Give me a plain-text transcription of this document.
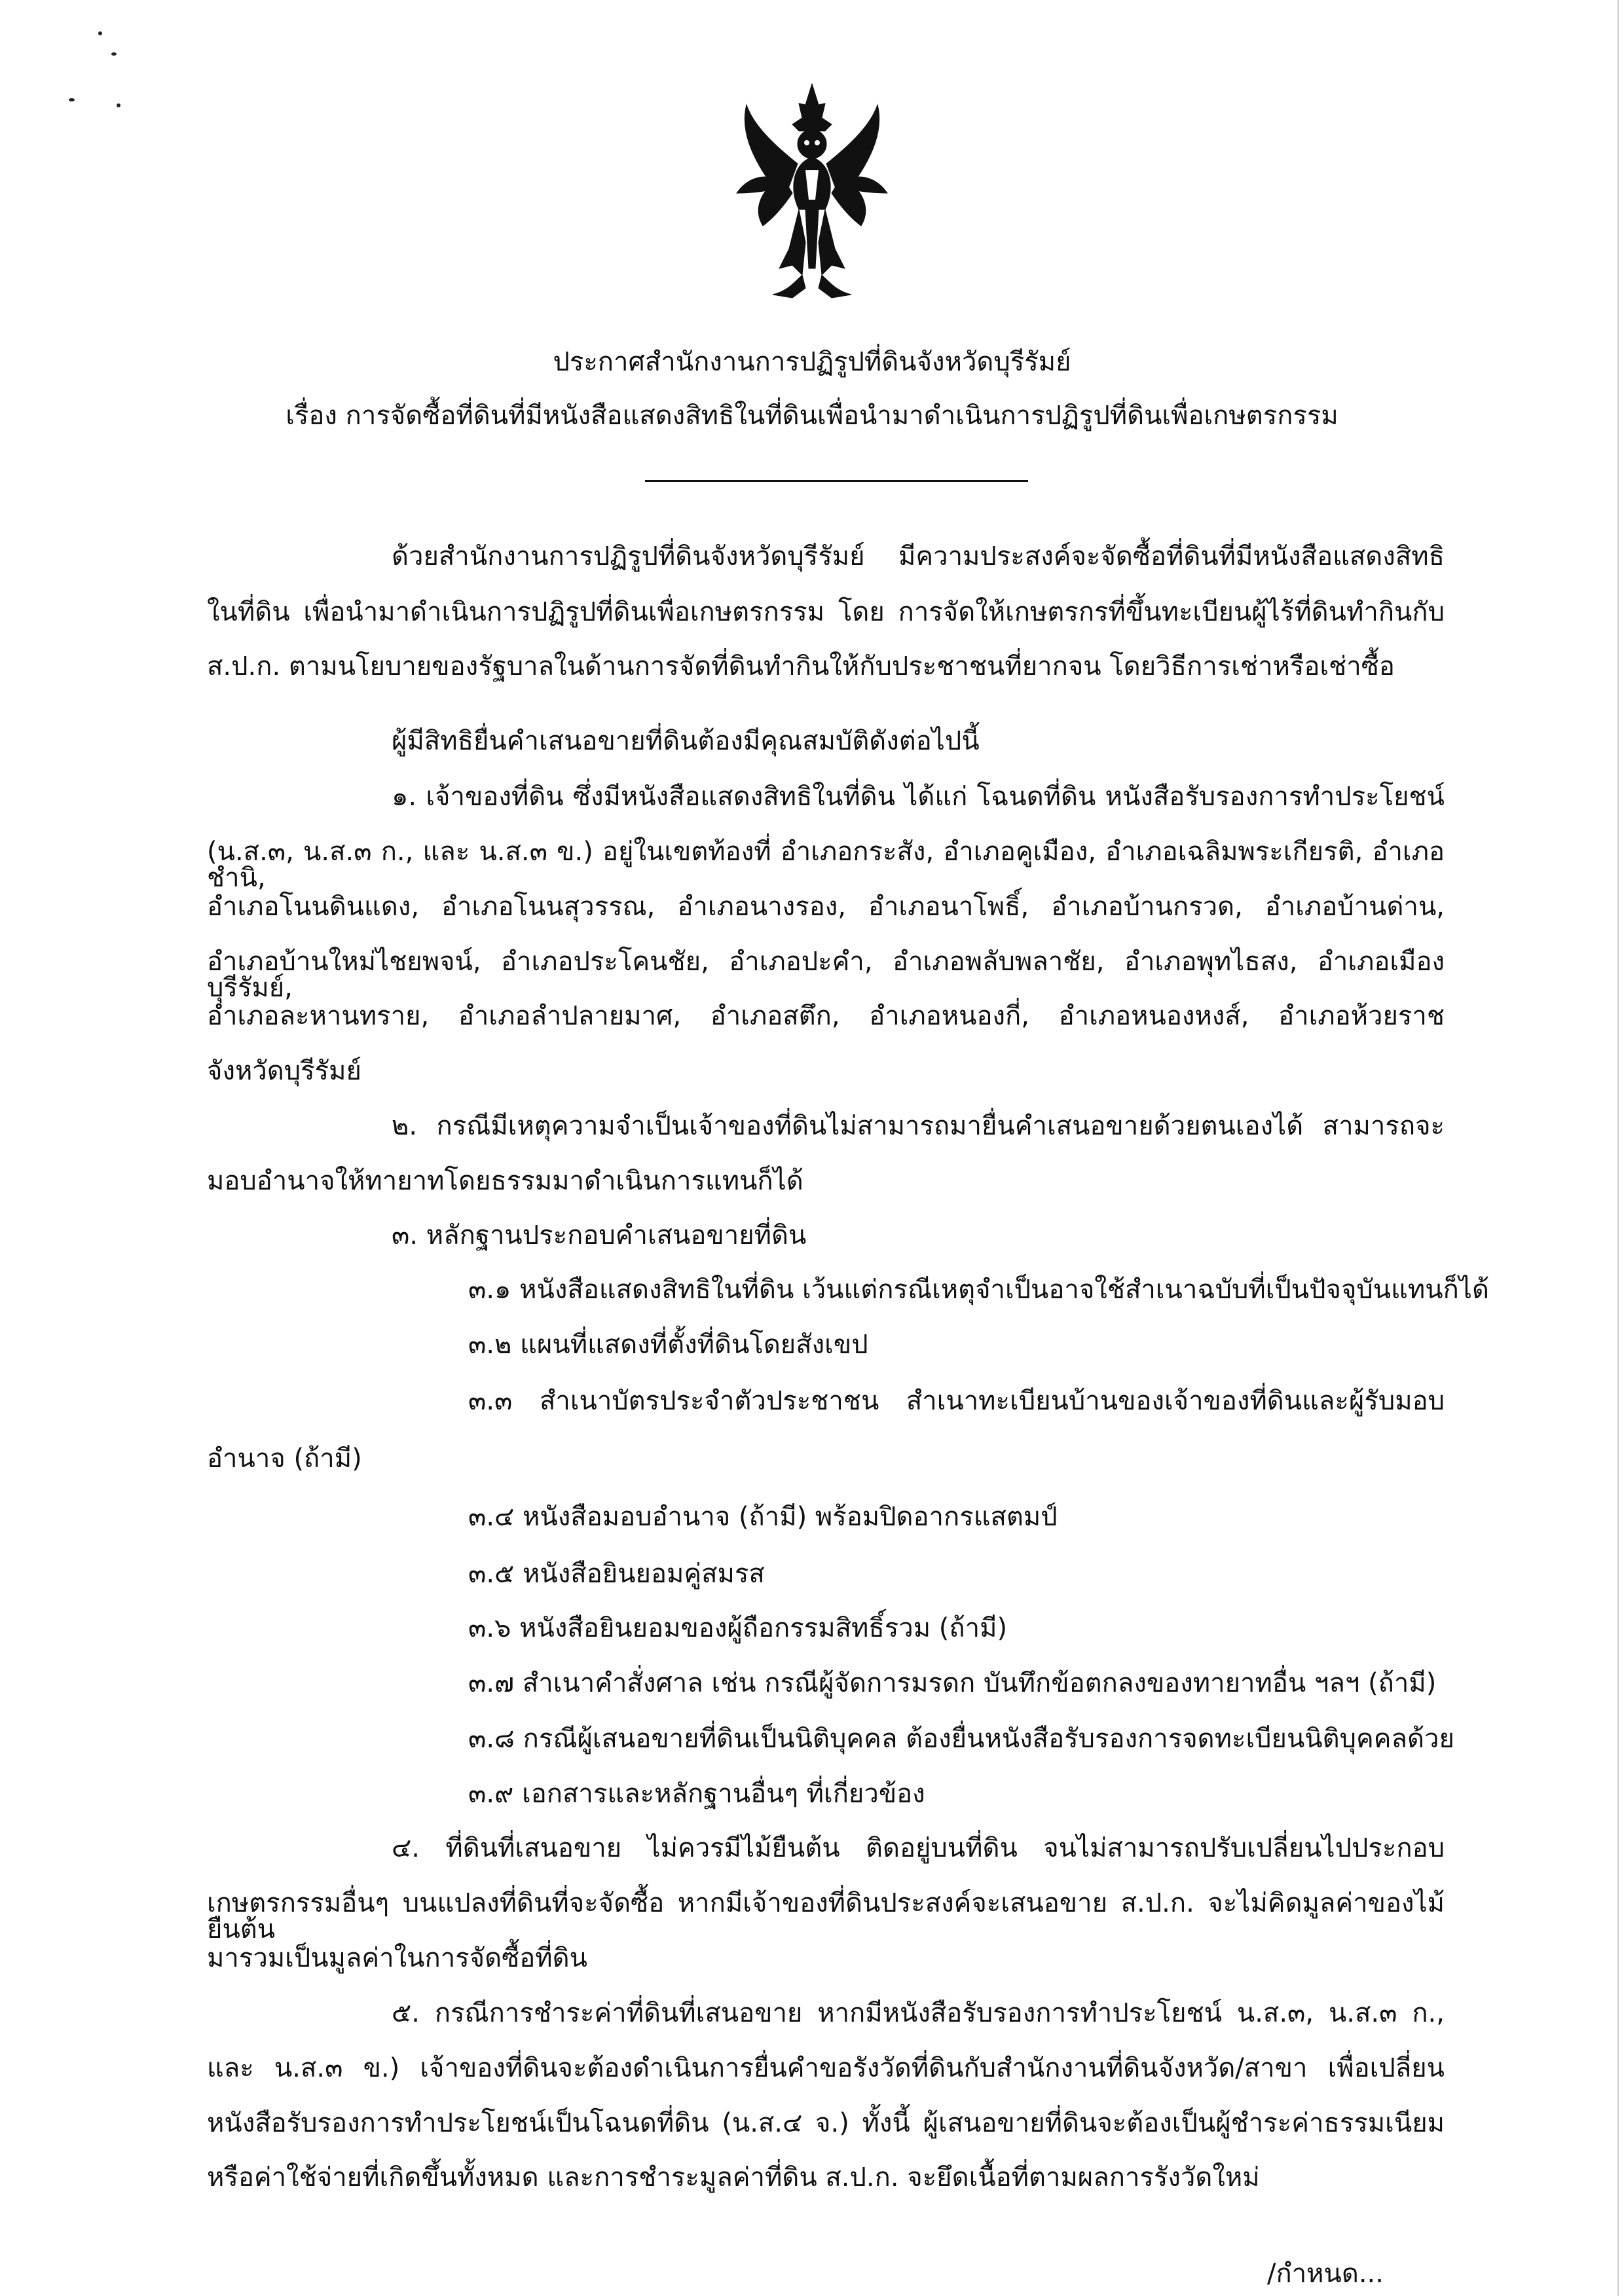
ประกาศสำนักงานการปฏิรูปที่ดินจังหวัดบุรีรัมย์
เรื่อง การจัดซื้อที่ดินที่มีหนังสือแสดงสิทธิในที่ดินเพื่อนำมาดำเนินการปฏิรูปที่ดินเพื่อเกษตรกรรม
ด้วยสำนักงานการปฏิรูปที่ดินจังหวัดบุรีรัมย์ มีความประสงค์จะจัดซื้อที่ดินที่มีหนังสือแสดงสิทธิ
ในที่ดิน เพื่อนำมาดำเนินการปฏิรูปที่ดินเพื่อเกษตรกรรม โดย การจัดให้เกษตรกรที่ขึ้นทะเบียนผู้ไร้ที่ดินทำกินกับ
ส.ป.ก. ตามนโยบายของรัฐบาลในด้านการจัดที่ดินทำกินให้กับประชาชนที่ยากจน โดยวิธีการเช่าหรือเช่าซื้อ
ผู้มีสิทธิยื่นคำเสนอขายที่ดินต้องมีคุณสมบัติดังต่อไปนี้
๑. เจ้าของที่ดิน ซึ่งมีหนังสือแสดงสิทธิในที่ดิน ได้แก่ โฉนดที่ดิน หนังสือรับรองการทำประโยชน์
(น.ส.๓, น.ส.๓ ก., และ น.ส.๓ ข.) อยู่ในเขตท้องที่ อำเภอกระสัง, อำเภอคูเมือง, อำเภอเฉลิมพระเกียรติ, อำเภอชำนิ,
อำเภอโนนดินแดง, อำเภอโนนสุวรรณ, อำเภอนางรอง, อำเภอนาโพธิ์, อำเภอบ้านกรวด, อำเภอบ้านด่าน,
อำเภอบ้านใหม่ไชยพจน์, อำเภอประโคนชัย, อำเภอปะคำ, อำเภอพลับพลาชัย, อำเภอพุทไธสง, อำเภอเมืองบุรีรัมย์,
อำเภอละหานทราย, อำเภอลำปลายมาศ, อำเภอสตึก, อำเภอหนองกี่, อำเภอหนองหงส์, อำเภอห้วยราช
จังหวัดบุรีรัมย์
๒. กรณีมีเหตุความจำเป็นเจ้าของที่ดินไม่สามารถมายื่นคำเสนอขายด้วยตนเองได้ สามารถจะ
มอบอำนาจให้ทายาทโดยธรรมมาดำเนินการแทนก็ได้
๓. หลักฐานประกอบคำเสนอขายที่ดิน
๓.๑ หนังสือแสดงสิทธิในที่ดิน เว้นแต่กรณีเหตุจำเป็นอาจใช้สำเนาฉบับที่เป็นปัจจุบันแทนก็ได้
๓.๒ แผนที่แสดงที่ตั้งที่ดินโดยสังเขป
๓.๓ สำเนาบัตรประจำตัวประชาชน สำเนาทะเบียนบ้านของเจ้าของที่ดินและผู้รับมอบ
อำนาจ (ถ้ามี)
๓.๔ หนังสือมอบอำนาจ (ถ้ามี) พร้อมปิดอากรแสตมป์
๓.๕ หนังสือยินยอมคู่สมรส
๓.๖ หนังสือยินยอมของผู้ถือกรรมสิทธิ์รวม (ถ้ามี)
๓.๗ สำเนาคำสั่งศาล เช่น กรณีผู้จัดการมรดก บันทึกข้อตกลงของทายาทอื่น ฯลฯ (ถ้ามี)
๓.๘ กรณีผู้เสนอขายที่ดินเป็นนิติบุคคล ต้องยื่นหนังสือรับรองการจดทะเบียนนิติบุคคลด้วย
๓.๙ เอกสารและหลักฐานอื่นๆ ที่เกี่ยวข้อง
๔. ที่ดินที่เสนอขาย ไม่ควรมีไม้ยืนต้น ติดอยู่บนที่ดิน จนไม่สามารถปรับเปลี่ยนไปประกอบ
เกษตรกรรมอื่นๆ บนแปลงที่ดินที่จะจัดซื้อ หากมีเจ้าของที่ดินประสงค์จะเสนอขาย ส.ป.ก. จะไม่คิดมูลค่าของไม้ยืนต้น
มารวมเป็นมูลค่าในการจัดซื้อที่ดิน
๕. กรณีการชำระค่าที่ดินที่เสนอขาย หากมีหนังสือรับรองการทำประโยชน์ น.ส.๓, น.ส.๓ ก.,
และ น.ส.๓ ข.) เจ้าของที่ดินจะต้องดำเนินการยื่นคำขอรังวัดที่ดินกับสำนักงานที่ดินจังหวัด/สาขา เพื่อเปลี่ยน
หนังสือรับรองการทำประโยชน์เป็นโฉนดที่ดิน (น.ส.๔ จ.) ทั้งนี้ ผู้เสนอขายที่ดินจะต้องเป็นผู้ชำระค่าธรรมเนียม
หรือค่าใช้จ่ายที่เกิดขึ้นทั้งหมด และการชำระมูลค่าที่ดิน ส.ป.ก. จะยึดเนื้อที่ตามผลการรังวัดใหม่
/กำหนด...
